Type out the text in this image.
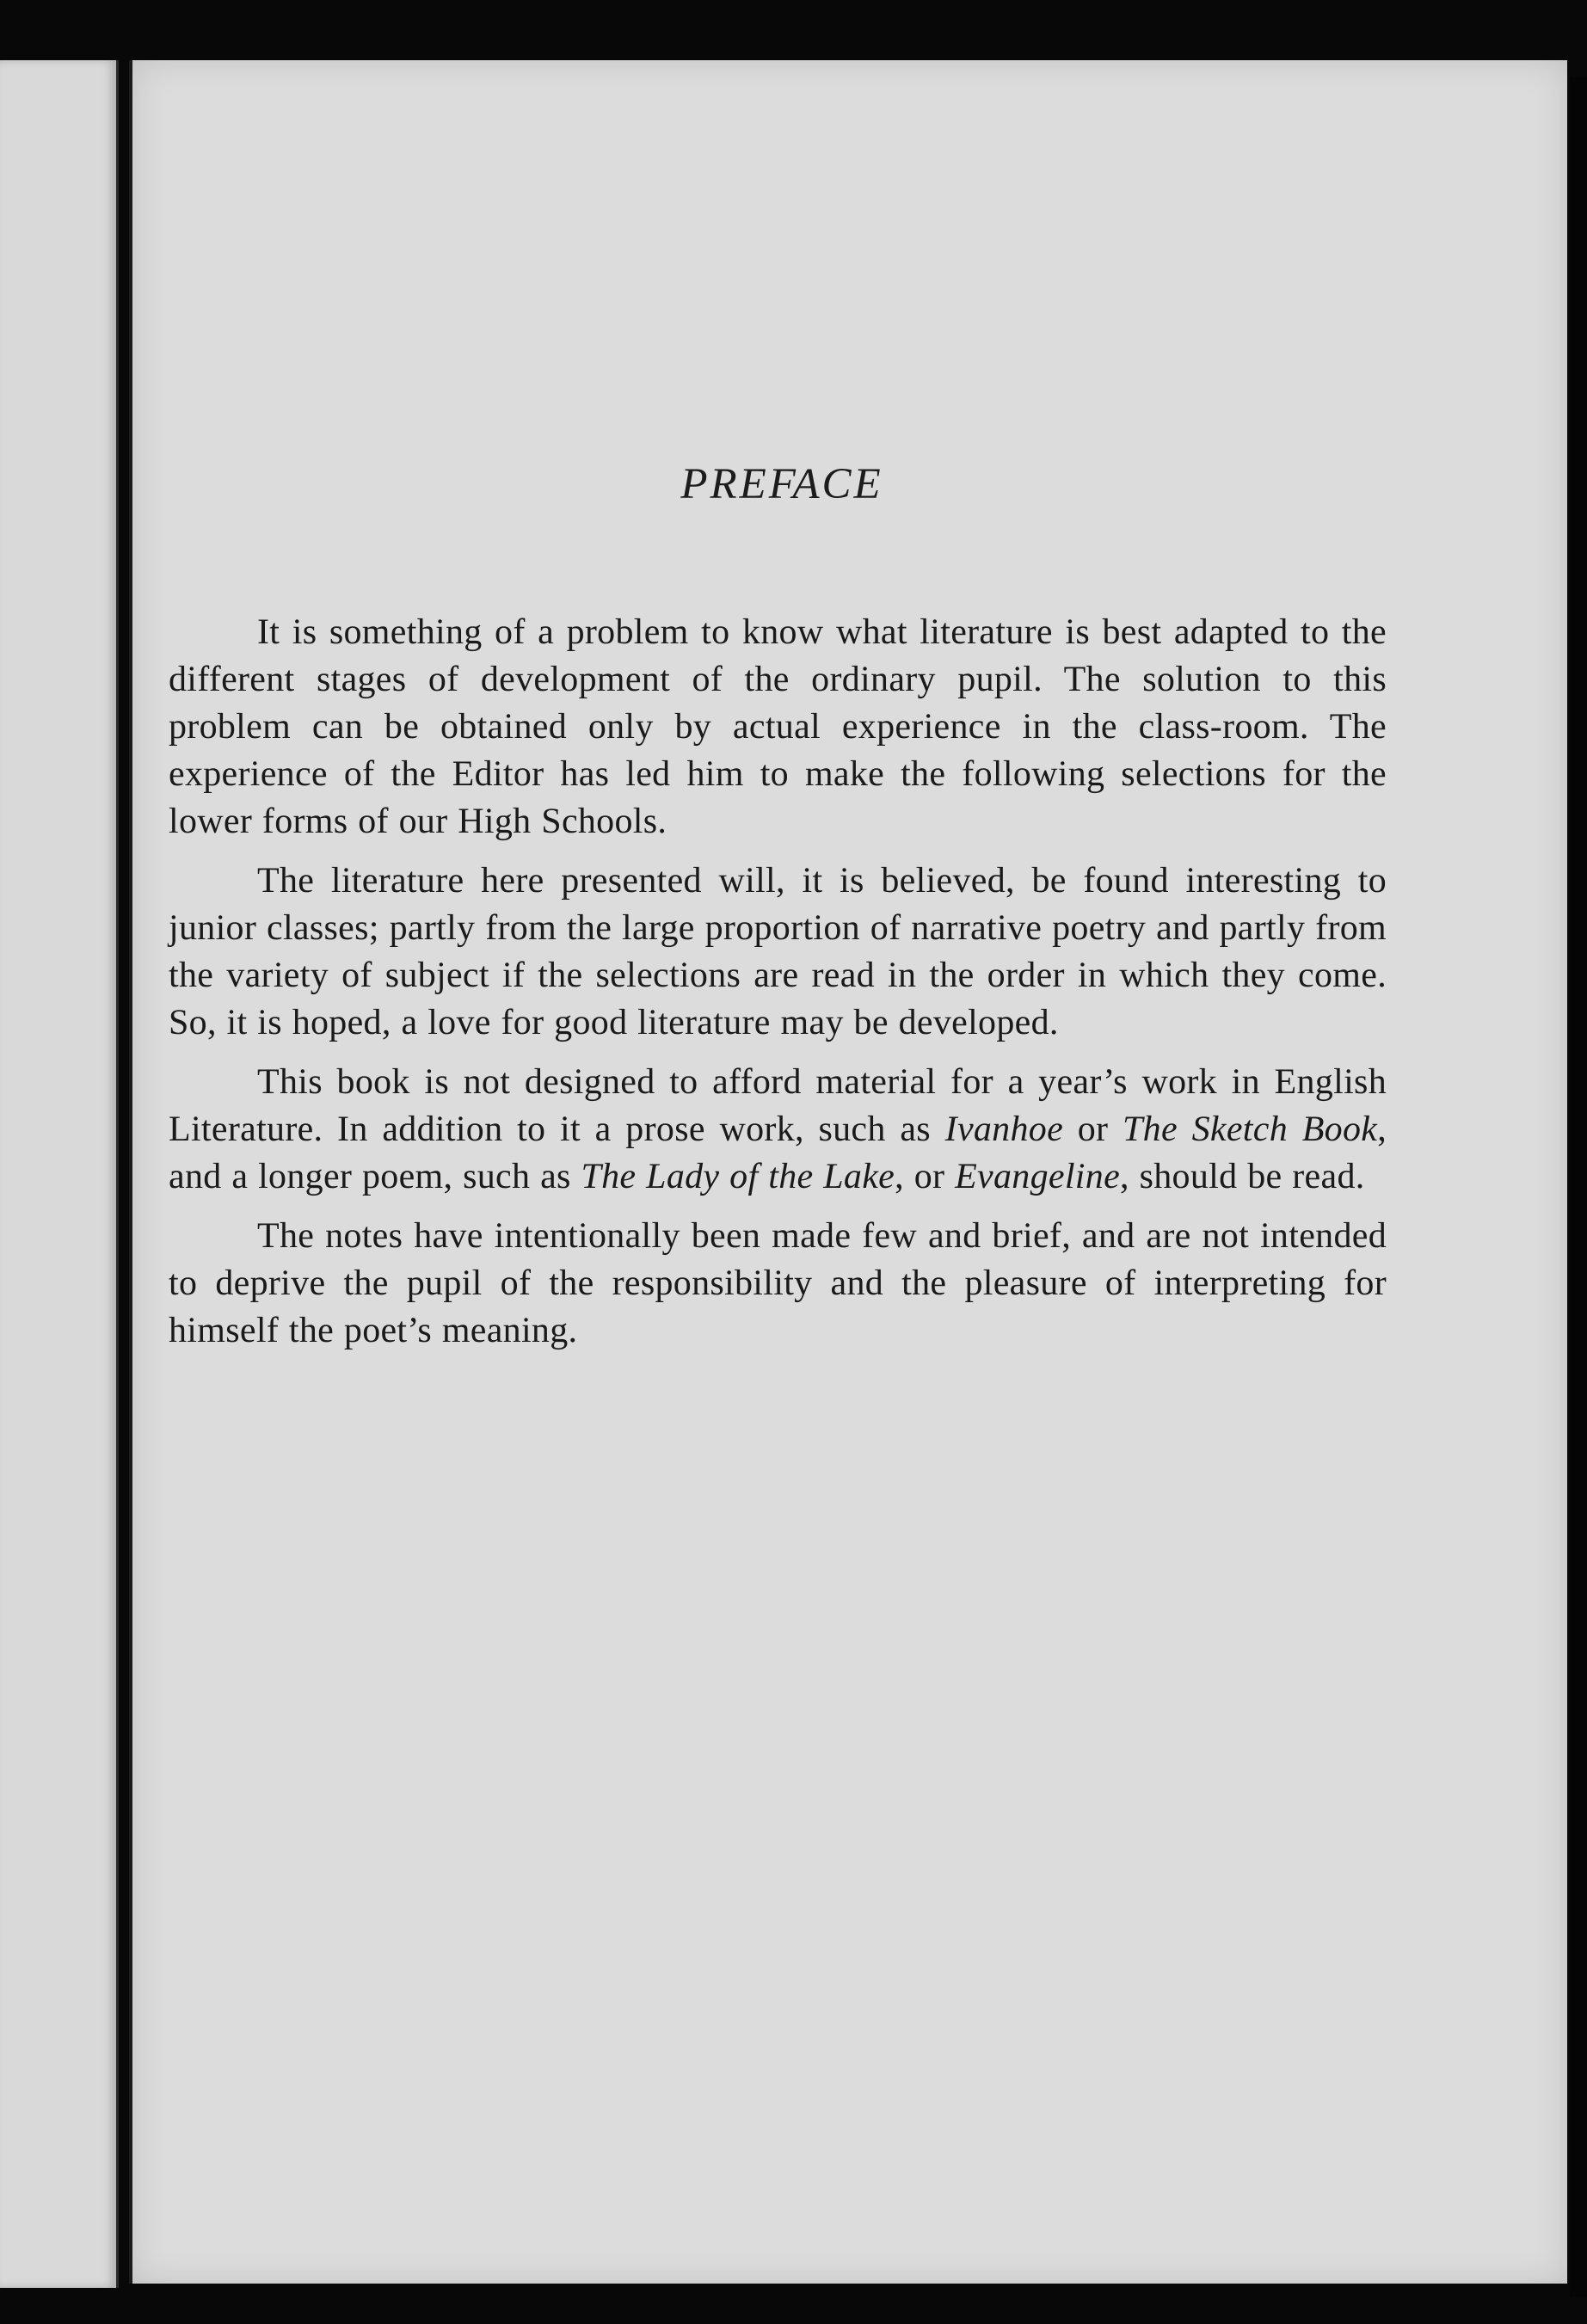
PREFACE

It is something of a problem to know what literature is best adapted to the different stages of development of the ordinary pupil. The solution to this problem can be obtained only by actual experience in the class-room. The experience of the Editor has led him to make the following selections for the lower forms of our High Schools.

The literature here presented will, it is believed, be found interesting to junior classes; partly from the large proportion of narrative poetry and partly from the variety of subject if the selections are read in the order in which they come. So, it is hoped, a love for good literature may be developed.

This book is not designed to afford material for a year’s work in English Literature. In addition to it a prose work, such as Ivanhoe or The Sketch Book, and a longer poem, such as The Lady of the Lake, or Evangeline, should be read.

The notes have intentionally been made few and brief, and are not intended to deprive the pupil of the responsibility and the pleasure of interpreting for himself the poet’s meaning.
